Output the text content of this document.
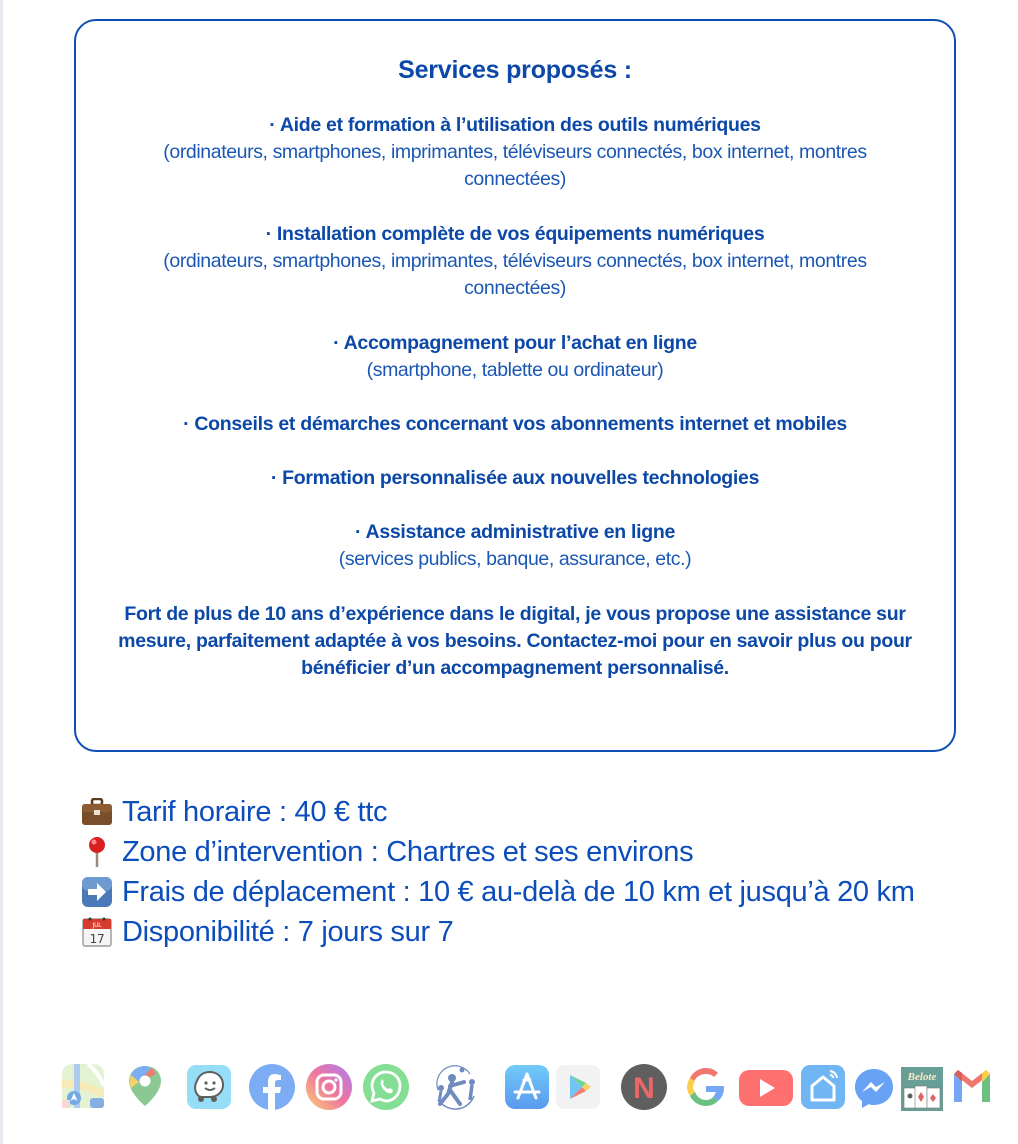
Services proposés :
· Aide et formation à l’utilisation des outils numériques
(ordinateurs, smartphones, imprimantes, téléviseurs connectés, box internet, montres connectées)
· Installation complète de vos équipements numériques
(ordinateurs, smartphones, imprimantes, téléviseurs connectés, box internet, montres connectées)
· Accompagnement pour l’achat en ligne
(smartphone, tablette ou ordinateur)
· Conseils et démarches concernant vos abonnements internet et mobiles
· Formation personnalisée aux nouvelles technologies
· Assistance administrative en ligne
(services publics, banque, assurance, etc.)
Fort de plus de 10 ans d’expérience dans le digital, je vous propose une assistance sur mesure, parfaitement adaptée à vos besoins. Contactez-moi pour en savoir plus ou pour bénéficier d’un accompagnement personnalisé.
Tarif horaire : 40 € ttc
Zone d’intervention : Chartres et ses environs
Frais de déplacement : 10 € au-delà de 10 km et jusqu’à 20 km
JUL
17 Disponibilité : 7 jours sur 7
N	Belote
